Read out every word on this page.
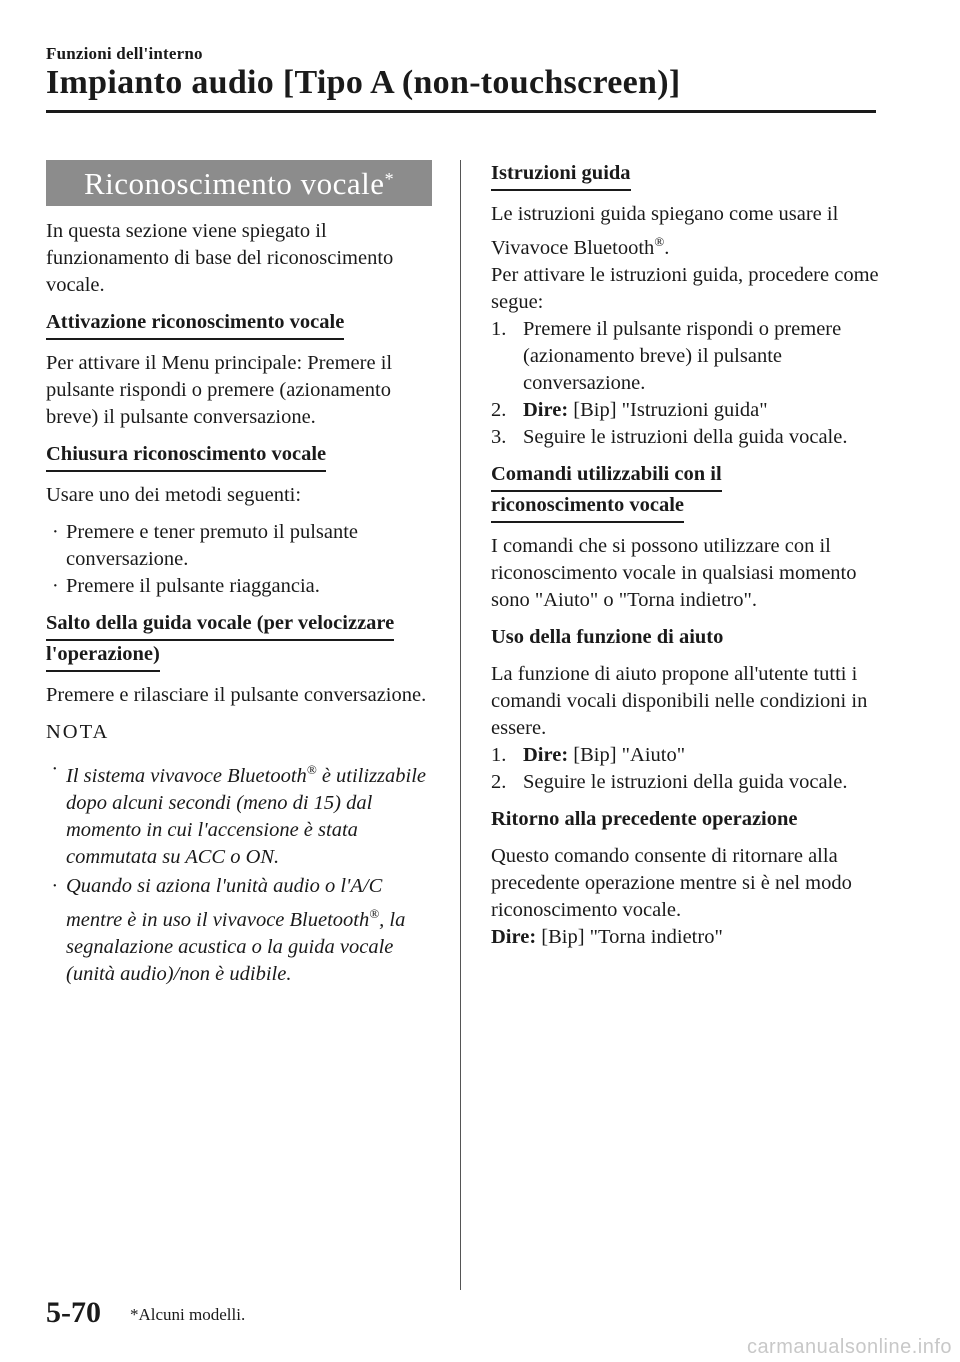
Funzioni dell'interno
Impianto audio [Tipo A (non-touchscreen)]
Riconoscimento vocale*

In questa sezione viene spiegato il funzionamento di base del riconoscimento vocale.

Attivazione riconoscimento vocale

Per attivare il Menu principale: Premere il pulsante rispondi o premere (azionamento breve) il pulsante conversazione.

Chiusura riconoscimento vocale

Usare uno dei metodi seguenti:

· Premere e tener premuto il pulsante conversazione.

· Premere il pulsante riaggancia.

Salto della guida vocale (per velocizzare
l'operazione)

Premere e rilasciare il pulsante conversazione.

NOTA

· Il sistema vivavoce Bluetooth® è utilizzabile dopo alcuni secondi (meno di 15) dal momento in cui l'accensione è stata commutata su ACC o ON.

· Quando si aziona l'unità audio o l'A/C mentre è in uso il vivavoce Bluetooth®, la segnalazione acustica o la guida vocale (unità audio)/non è udibile.

Istruzioni guida

Le istruzioni guida spiegano come usare il Vivavoce Bluetooth®.

Per attivare le istruzioni guida, procedere come segue:

1. Premere il pulsante rispondi o premere (azionamento breve) il pulsante conversazione.

2. Dire: [Bip] "Istruzioni guida"

3. Seguire le istruzioni della guida vocale.

Comandi utilizzabili con il
riconoscimento vocale

I comandi che si possono utilizzare con il riconoscimento vocale in qualsiasi momento sono "Aiuto" o "Torna indietro".

Uso della funzione di aiuto

La funzione di aiuto propone all'utente tutti i comandi vocali disponibili nelle condizioni in essere.

1. Dire: [Bip] "Aiuto"

2. Seguire le istruzioni della guida vocale.

Ritorno alla precedente operazione

Questo comando consente di ritornare alla precedente operazione mentre si è nel modo riconoscimento vocale.

Dire: [Bip] "Torna indietro"

5-70 *Alcuni modelli.
carmanualsonline.info
